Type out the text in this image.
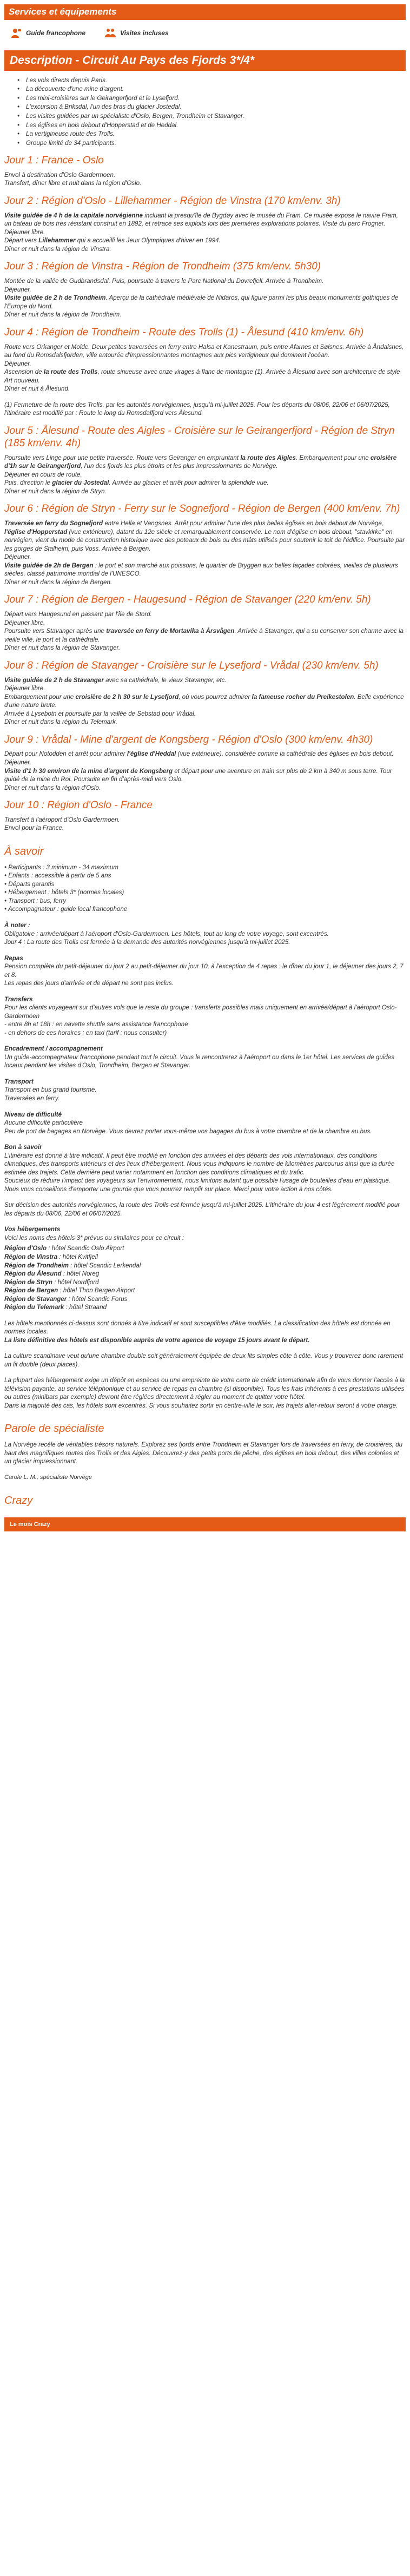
Services et équipements
Guide francophone	Visites incluses
Description - Circuit Au Pays des Fjords 3*/4*
• Les vols directs depuis Paris.
• La découverte d'une mine d'argent.
• Les mini-croisières sur le Geirangerfjord et le Lysefjord.
• L'excursion à Briksdal, l'un des bras du glacier Jostedal.
• Les visites guidées par un spécialiste d'Oslo, Bergen, Trondheim et Stavanger.
• Les églises en bois debout d'Hopperstad et de Heddal.
• La vertigineuse route des Trolls.
• Groupe limité de 34 participants.
Jour 1 : France - Oslo

Envol à destination d'Oslo Gardermoen.

Transfert, dîner libre et nuit dans la région d'Oslo.

Jour 2 : Région d'Oslo - Lillehammer - Région de Vinstra (170 km/env. 3h)

Visite guidée de 4 h de la capitale norvégienne incluant la presqu'île de Bygdøy avec le musée du Fram. Ce musée expose le navire Fram, un bateau de bois très résistant construit en 1892, et retrace ses exploits lors des premières explorations polaires. Visite du parc Frogner.

Déjeuner libre.

Départ vers Lillehammer qui a accueilli les Jeux Olympiques d'hiver en 1994.

Dîner et nuit dans la région de Vinstra.

Jour 3 : Région de Vinstra - Région de Trondheim (375 km/env. 5h30)

Montée de la vallée de Gudbrandsdal. Puis, poursuite à travers le Parc National du Dovrefjell. Arrivée à Trondheim.

Déjeuner.

Visite guidée de 2 h de Trondheim. Aperçu de la cathédrale médiévale de Nidaros, qui figure parmi les plus beaux monuments gothiques de l'Europe du Nord.

Dîner et nuit dans la région de Trondheim.

Jour 4 : Région de Trondheim - Route des Trolls (1) - Ålesund (410 km/env. 6h)

Route vers Orkanger et Molde. Deux petites traversées en ferry entre Halsa et Kanestraum, puis entre Afarnes et Sølsnes. Arrivée à Åndalsnes, au fond du Romsdalsfjorden, ville entourée d'impressionnantes montagnes aux pics vertigineux qui dominent l'océan.

Déjeuner.

Ascension de la route des Trolls, route sinueuse avec onze virages à flanc de montagne (1). Arrivée à Ålesund avec son architecture de style Art nouveau.

Dîner et nuit à Ålesund.

(1) Fermeture de la route des Trolls, par les autorités norvégiennes, jusqu'à mi-juillet 2025. Pour les départs du 08/06, 22/06 et 06/07/2025, l'itinéraire est modifié par : Route le long du Romsdalfjord vers Ålesund.

Jour 5 : Ålesund - Route des Aigles - Croisière sur le Geirangerfjord - Région de Stryn (185 km/env. 4h)

Poursuite vers Linge pour une petite traversée. Route vers Geiranger en empruntant la route des Aigles. Embarquement pour une croisière d'1h sur le Geirangerfjord, l'un des fjords les plus étroits et les plus impressionnants de Norvège.

Déjeuner en cours de route.

Puis, direction le glacier du Jostedal. Arrivée au glacier et arrêt pour admirer la splendide vue.

Dîner et nuit dans la région de Stryn.

Jour 6 : Région de Stryn - Ferry sur le Sognefjord - Région de Bergen (400 km/env. 7h)

Traversée en ferry du Sognefjord entre Hella et Vangsnes. Arrêt pour admirer l'une des plus belles églises en bois debout de Norvège, l'église d'Hopperstad (vue extérieure), datant du 12e siècle et remarquablement conservée. Le nom d'église en bois debout, "stavkirke" en norvégien, vient du mode de construction historique avec des poteaux de bois ou des mâts utilisés pour soutenir le toit de l'édifice. Poursuite par les gorges de Stalheim, puis Voss. Arrivée à Bergen.

Déjeuner.

Visite guidée de 2h de Bergen : le port et son marché aux poissons, le quartier de Bryggen aux belles façades colorées, vieilles de plusieurs siècles, classé patrimoine mondial de l'UNESCO.

Dîner et nuit dans la région de Bergen.

Jour 7 : Région de Bergen - Haugesund - Région de Stavanger (220 km/env. 5h)

Départ vers Haugesund en passant par l'île de Stord.

Déjeuner libre.

Poursuite vers Stavanger après une traversée en ferry de Mortavika à Årsvågen. Arrivée à Stavanger, qui a su conserver son charme avec la vieille ville, le port et la cathédrale.

Dîner et nuit dans la région de Stavanger.

Jour 8 : Région de Stavanger - Croisière sur le Lysefjord - Vrådal (230 km/env. 5h)

Visite guidée de 2 h de Stavanger avec sa cathédrale, le vieux Stavanger, etc.

Déjeuner libre.

Embarquement pour une croisière de 2 h 30 sur le Lysefjord, où vous pourrez admirer la fameuse rocher du Preikestolen. Belle expérience d'une nature brute.

Arrivée à Lysebotn et poursuite par la vallée de Sebstad pour Vrådal.

Dîner et nuit dans la région du Telemark.

Jour 9 : Vrådal - Mine d'argent de Kongsberg - Région d'Oslo (300 km/env. 4h30)

Départ pour Notodden et arrêt pour admirer l'église d'Heddal (vue extérieure), considérée comme la cathédrale des églises en bois debout.

Déjeuner.

Visite d'1 h 30 environ de la mine d'argent de Kongsberg et départ pour une aventure en train sur plus de 2 km à 340 m sous terre. Tour guidé de la mine du Roi. Poursuite en fin d'après-midi vers Oslo.

Dîner et nuit dans la région d'Oslo.

Jour 10 : Région d'Oslo - France

Transfert à l'aéroport d'Oslo Gardermoen.

Envol pour la France.

À savoir
• Participants : 3 minimum - 34 maximum
• Enfants : accessible à partir de 5 ans
• Départs garantis
• Hébergement : hôtels 3* (normes locales)
• Transport : bus, ferry
• Accompagnateur : guide local francophone
À noter :

Obligatoire : arrivée/départ à l'aéroport d'Oslo-Gardermoen. Les hôtels, tout au long de votre voyage, sont excentrés.

Jour 4 : La route des Trolls est fermée à la demande des autorités norvégiennes jusqu'à mi-juillet 2025.

Repas

Pension complète du petit-déjeuner du jour 2 au petit-déjeuner du jour 10, à l'exception de 4 repas : le dîner du jour 1, le déjeuner des jours 2, 7 et 8.

Les repas des jours d'arrivée et de départ ne sont pas inclus.

Transfers

Pour les clients voyageant sur d'autres vols que le reste du groupe : transferts possibles mais uniquement en arrivée/départ à l'aéroport Oslo-Gardermoen

- entre 8h et 18h : en navette shuttle sans assistance francophone

- en dehors de ces horaires : en taxi (tarif : nous consulter)

Encadrement / accompagnement

Un guide-accompagnateur francophone pendant tout le circuit. Vous le rencontrerez à l'aéroport ou dans le 1er hôtel. Les services de guides locaux pendant les visites d'Oslo, Trondheim, Bergen et Stavanger.

Transport

Transport en bus grand tourisme.

Traversées en ferry.

Niveau de difficulté

Aucune difficulté particulière

Peu de port de bagages en Norvège. Vous devrez porter vous-même vos bagages du bus à votre chambre et de la chambre au bus.

Bon à savoir

L'itinéraire est donné à titre indicatif. Il peut être modifié en fonction des arrivées et des départs des vols internationaux, des conditions climatiques, des transports intérieurs et des lieux d'hébergement. Nous vous indiquons le nombre de kilomètres parcourus ainsi que la durée estimée des trajets. Cette dernière peut varier notamment en fonction des conditions climatiques et du trafic.

Soucieux de réduire l'impact des voyageurs sur l'environnement, nous limitons autant que possible l'usage de bouteilles d'eau en plastique. Nous vous conseillons d'emporter une gourde que vous pourrez remplir sur place. Merci pour votre action à nos côtés.

Sur décision des autorités norvégiennes, la route des Trolls est fermée jusqu'à mi-juillet 2025. L'itinéraire du jour 4 est légèrement modifié pour les départs du 08/06, 22/06 et 06/07/2025.

Vos hébergements

Voici les noms des hôtels 3* prévus ou similaires pour ce circuit :

Région d'Oslo : hôtel Scandic Oslo Airport
Région de Vinstra : hôtel Kvitfjell
Région de Trondheim : hôtel Scandic Lerkendal
Région du Ålesund : hôtel Noreg
Région de Stryn : hôtel Nordfjord
Région de Bergen : hôtel Thon Bergen Airport
Région de Stavanger : hôtel Scandic Forus
Région du Telemark : hôtel Straand

Les hôtels mentionnés ci-dessus sont donnés à titre indicatif et sont susceptibles d'être modifiés. La classification des hôtels est donnée en normes locales.

La liste définitive des hôtels est disponible auprès de votre agence de voyage 15 jours avant le départ.

La culture scandinave veut qu'une chambre double soit généralement équipée de deux lits simples côte à côte. Vous y trouverez donc rarement un lit double (deux places).

La plupart des hébergement exige un dépôt en espèces ou une empreinte de votre carte de crédit internationale afin de vous donner l'accès à la télévision payante, au service téléphonique et au service de repas en chambre (si disponible). Tous les frais inhérents à ces prestations utilisées ou autres (minibars par exemple) devront être réglées directement à régler au moment de quitter votre hôtel.

Dans la majorité des cas, les hôtels sont excentrés. Si vous souhaitez sortir en centre-ville le soir, les trajets aller-retour seront à votre charge.

Parole de spécialiste

La Norvège recèle de véritables trésors naturels. Explorez ses fjords entre Trondheim et Stavanger lors de traversées en ferry, de croisières, du haut des magnifiques routes des Trolls et des Aigles. Découvrez-y des petits ports de pêche, des églises en bois debout, des villes colorées et un glacier impressionnant.

Carole L. M., spécialiste Norvège

Crazy
Le mois Crazy
